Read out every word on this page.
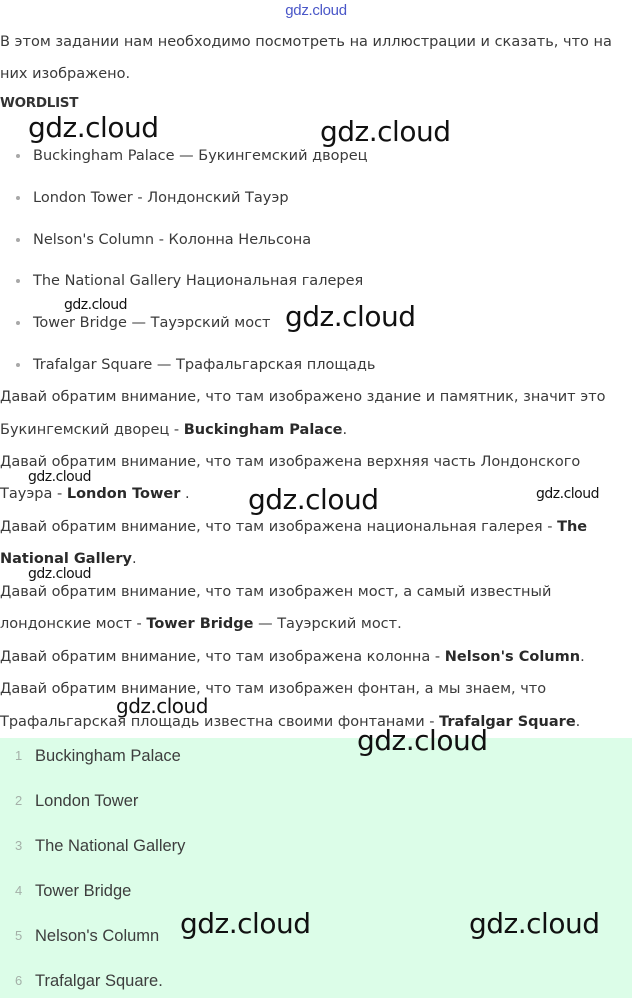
gdz.cloud
В этом задании нам необходимо посмотреть на иллюстрации и сказать, что на
них изображено.
WORDLIST
Buckingham Palace — Букингемский дворец
London Tower - Лондонский Тауэр
Nelson's Column - Колонна Нельсона
The National Gallery Национальная галерея
Tower Bridge — Тауэрский мост
Trafalgar Square — Трафальгарская площадь
Давай обратим внимание, что там изображено здание и памятник, значит это
Букингемский дворец - Buckingham Palace.
Давай обратим внимание, что там изображена верхняя часть Лондонского
Тауэра - London Tower .
Давай обратим внимание, что там изображена национальная галерея - The
National Gallery.
Давай обратим внимание, что там изображен мост, а самый известный
лондонские мост - Tower Bridge — Тауэрский мост.
Давай обратим внимание, что там изображена колонна - Nelson's Column.
Давай обратим внимание, что там изображен фонтан, а мы знаем, что
Трафальгарская площадь известна своими фонтанами - Trafalgar Square.
1 Buckingham Palace
2 London Tower
3 The National Gallery
4 Tower Bridge
5 Nelson's Column
6 Trafalgar Square.
gdz.cloud	gdz.cloud
gdz.cloud	gdz.cloud
gdz.cloud
gdz.cloud	gdz.cloud
gdz.cloud
gdz.cloud
gdz.cloud
gdz.cloud	gdz.cloud
